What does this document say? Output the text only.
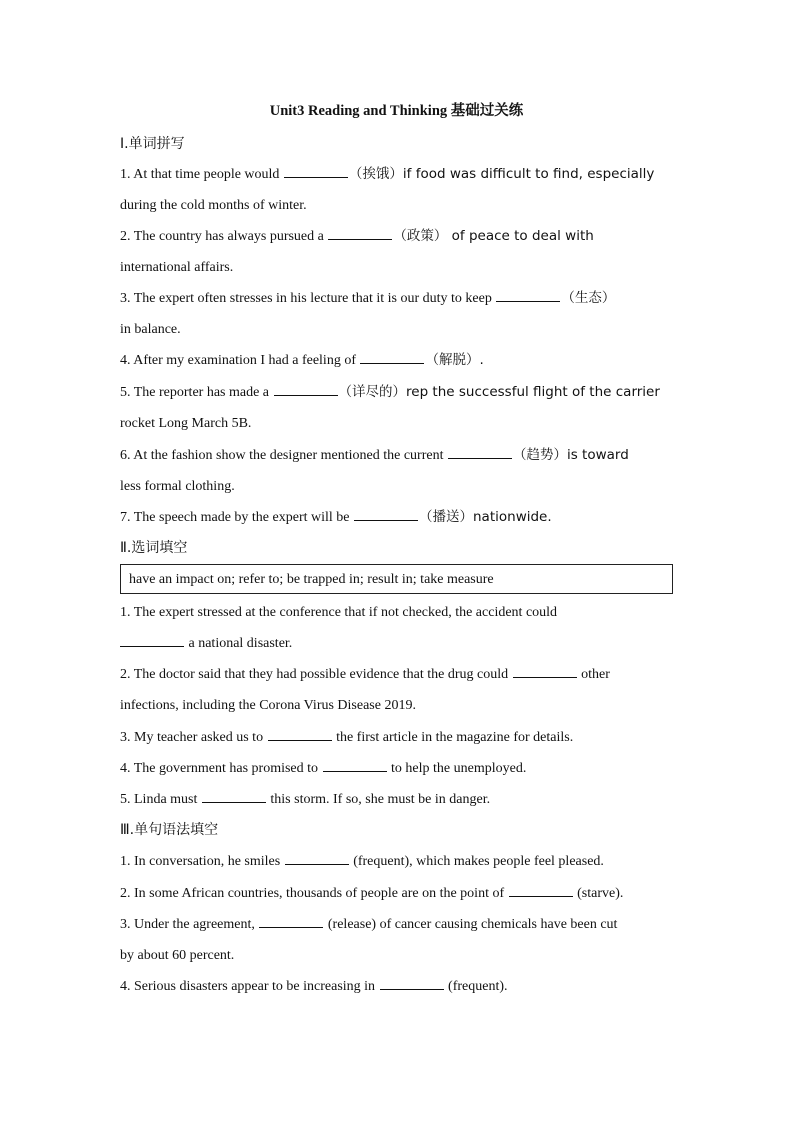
Unit3 Reading and Thinking 基础过关练
Ⅰ.单词拼写
1. At that time people would	（挨饿）if food was difficult to find, especially
during the cold months of winter.
2. The country has always pursued a	（政策） of peace to deal with
international affairs.
3. The expert often stresses in his lecture that it is our duty to keep	（生态）
in balance.
4. After my examination I had a feeling of	（解脱）.
5. The reporter has made a	（详尽的）rep the successful flight of the carrier
rocket Long March 5B.
6. At the fashion show the designer mentioned the current	（趋势）is toward
less formal clothing.
7. The speech made by the expert will be	（播送）nationwide.
Ⅱ.选词填空
have an impact on; refer to; be trapped in; result in; take measure
1. The expert stressed at the conference that if not checked, the accident could
a national disaster.
2. The doctor said that they had possible evidence that the drug could	other
infections, including the Corona Virus Disease 2019.
3. My teacher asked us to	the first article in the magazine for details.
4. The government has promised to	to help the unemployed.
5. Linda must	this storm. If so, she must be in danger.
Ⅲ.单句语法填空
1. In conversation, he smiles	(frequent), which makes people feel pleased.
2. In some African countries, thousands of people are on the point of	(starve).
3. Under the agreement,	(release) of cancer causing chemicals have been cut
by about 60 percent.
4. Serious disasters appear to be increasing in	(frequent).
